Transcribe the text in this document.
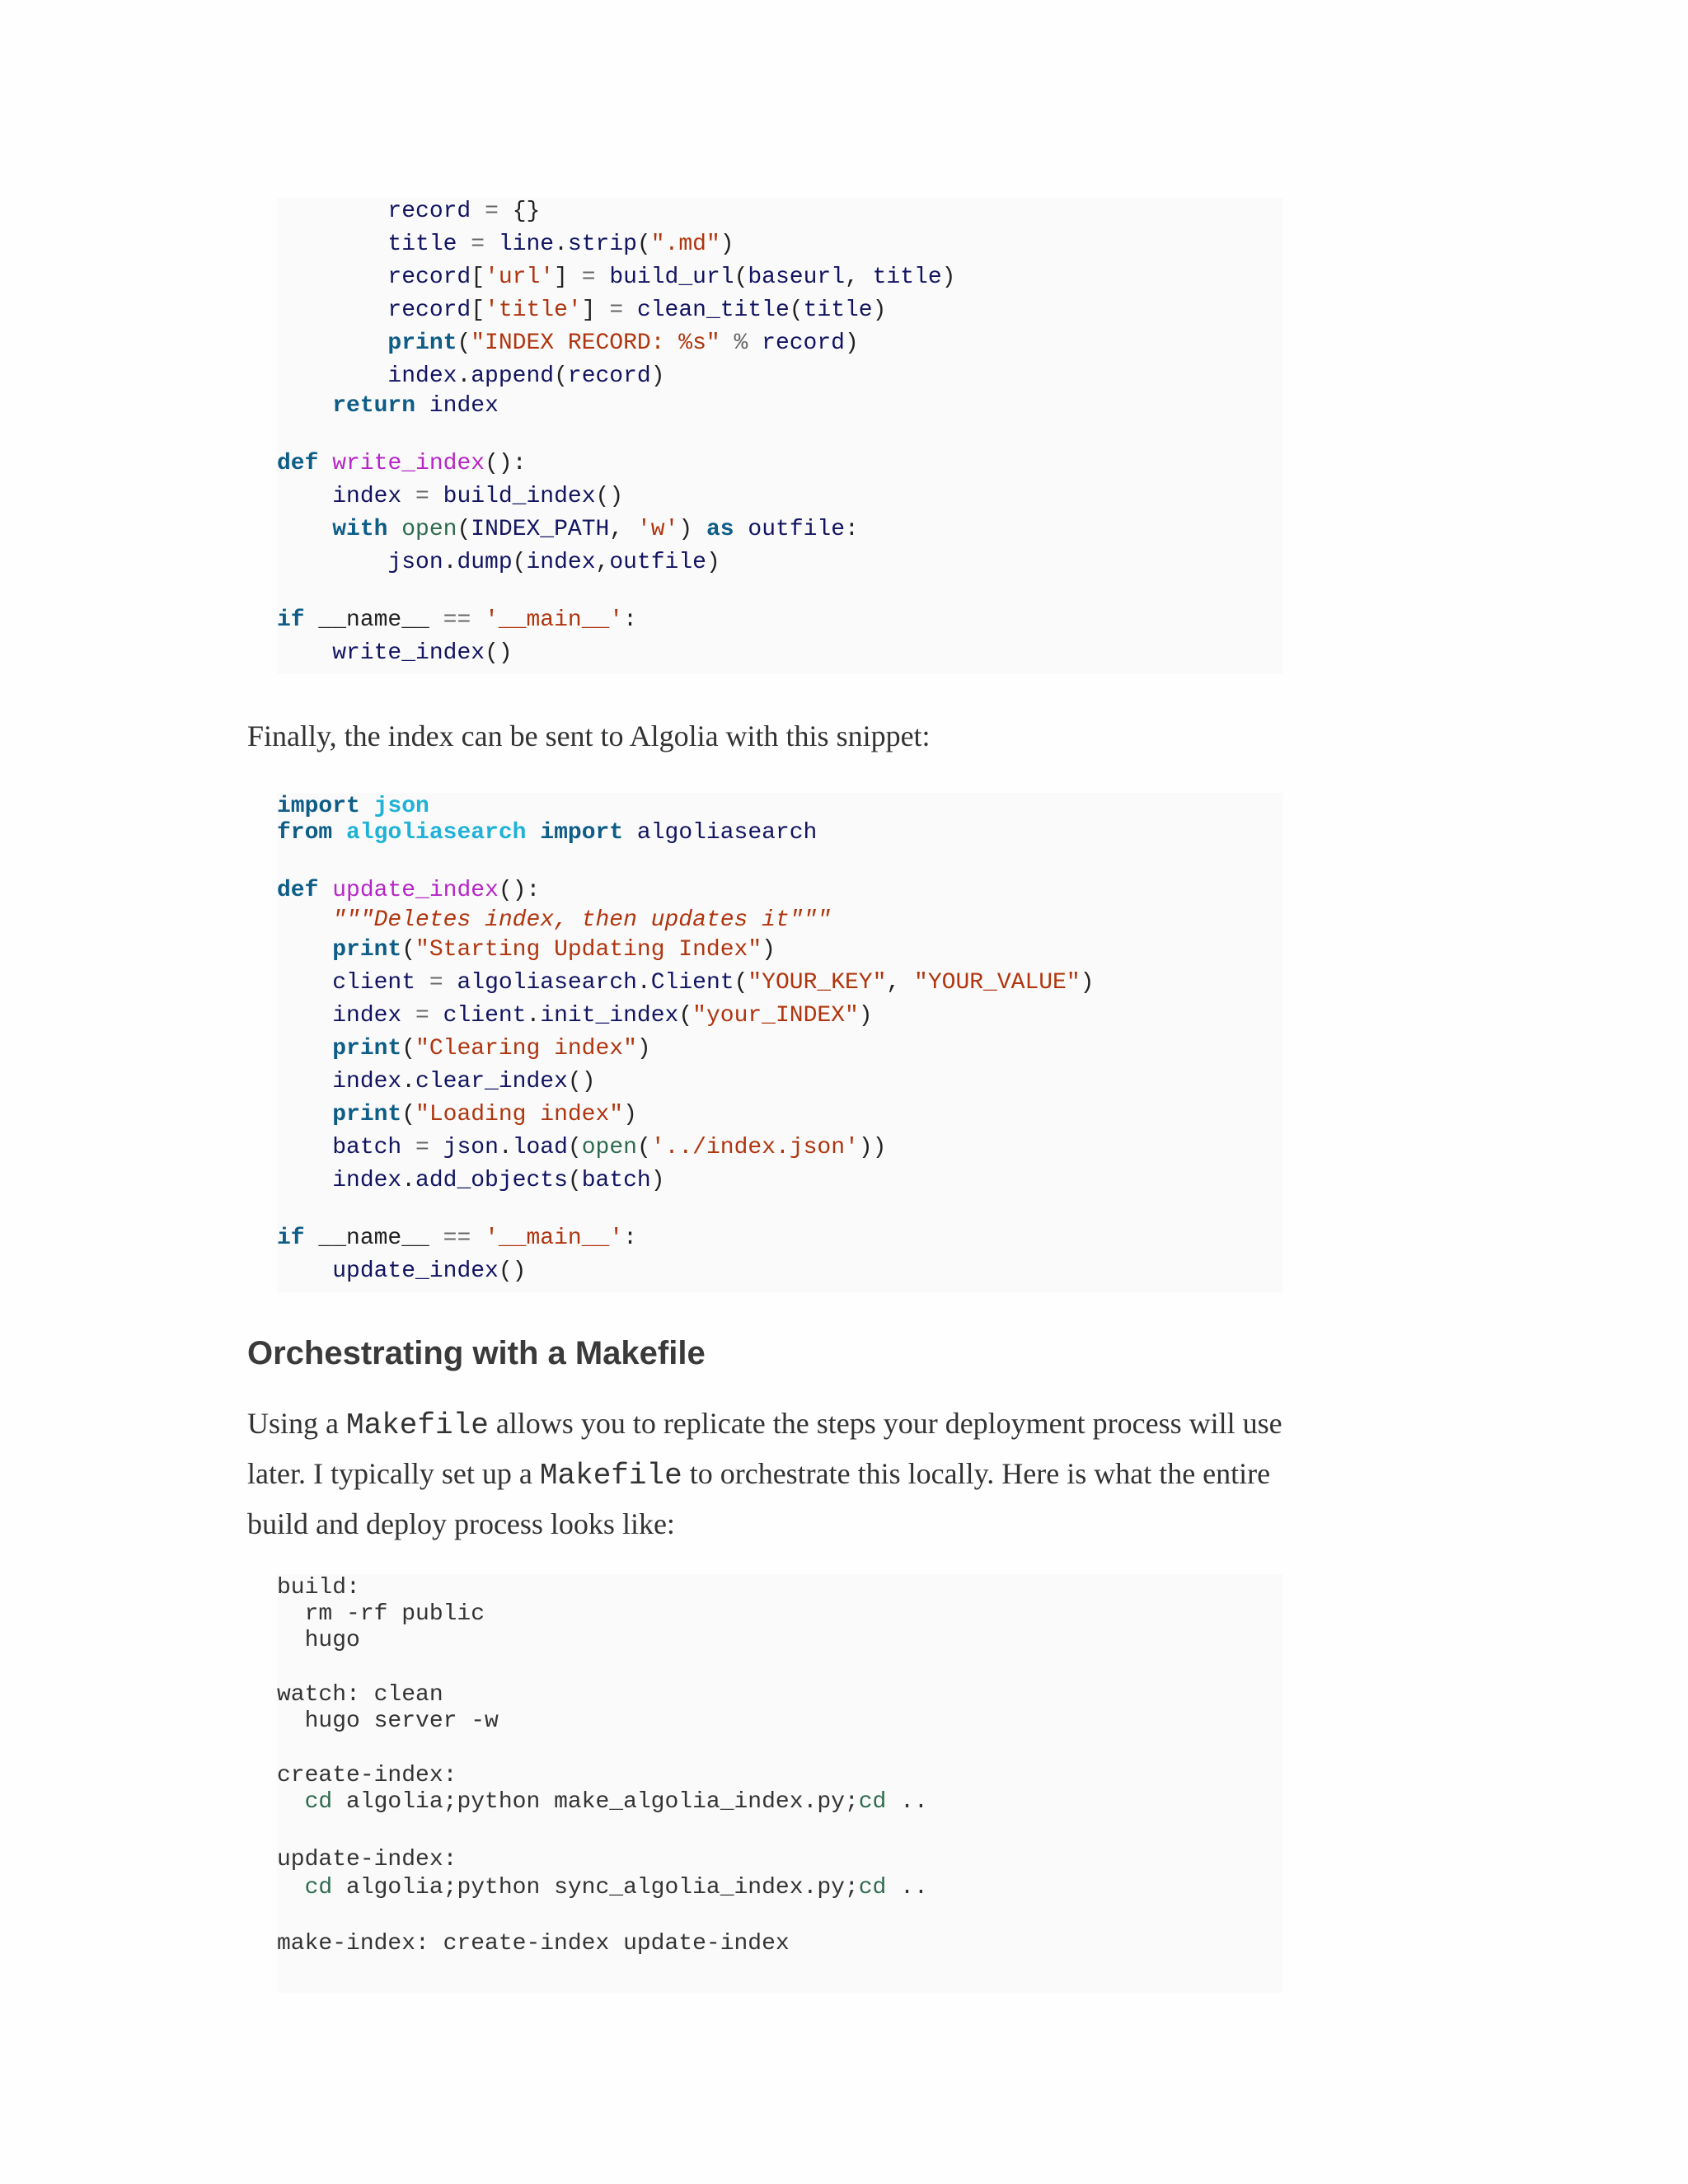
record = {}
title = line.strip(".md")
record['url'] = build_url(baseurl, title)
record['title'] = clean_title(title)
print("INDEX RECORD: %s" % record)
index.append(record)
return index
def write_index():
index = build_index()
with open(INDEX_PATH, 'w') as outfile:
json.dump(index,outfile)
if __name__ == '__main__':
write_index()
Finally, the index can be sent to Algolia with this snippet:
import json
from algoliasearch import algoliasearch
def update_index():
"""Deletes index, then updates it"""
print("Starting Updating Index")
client = algoliasearch.Client("YOUR_KEY", "YOUR_VALUE")
index = client.init_index("your_INDEX")
print("Clearing index")
index.clear_index()
print("Loading index")
batch = json.load(open('../index.json'))
index.add_objects(batch)
if __name__ == '__main__':
update_index()
Orchestrating with a Makefile
Using a Makefile allows you to replicate the steps your deployment process will use later. I typically set up a Makefile to orchestrate this locally. Here is what the entire build and deploy process looks like:
build:
rm -rf public
hugo
watch: clean
hugo server -w
create-index:
cd algolia;python make_algolia_index.py;cd ..
update-index:
cd algolia;python sync_algolia_index.py;cd ..
make-index: create-index update-index
